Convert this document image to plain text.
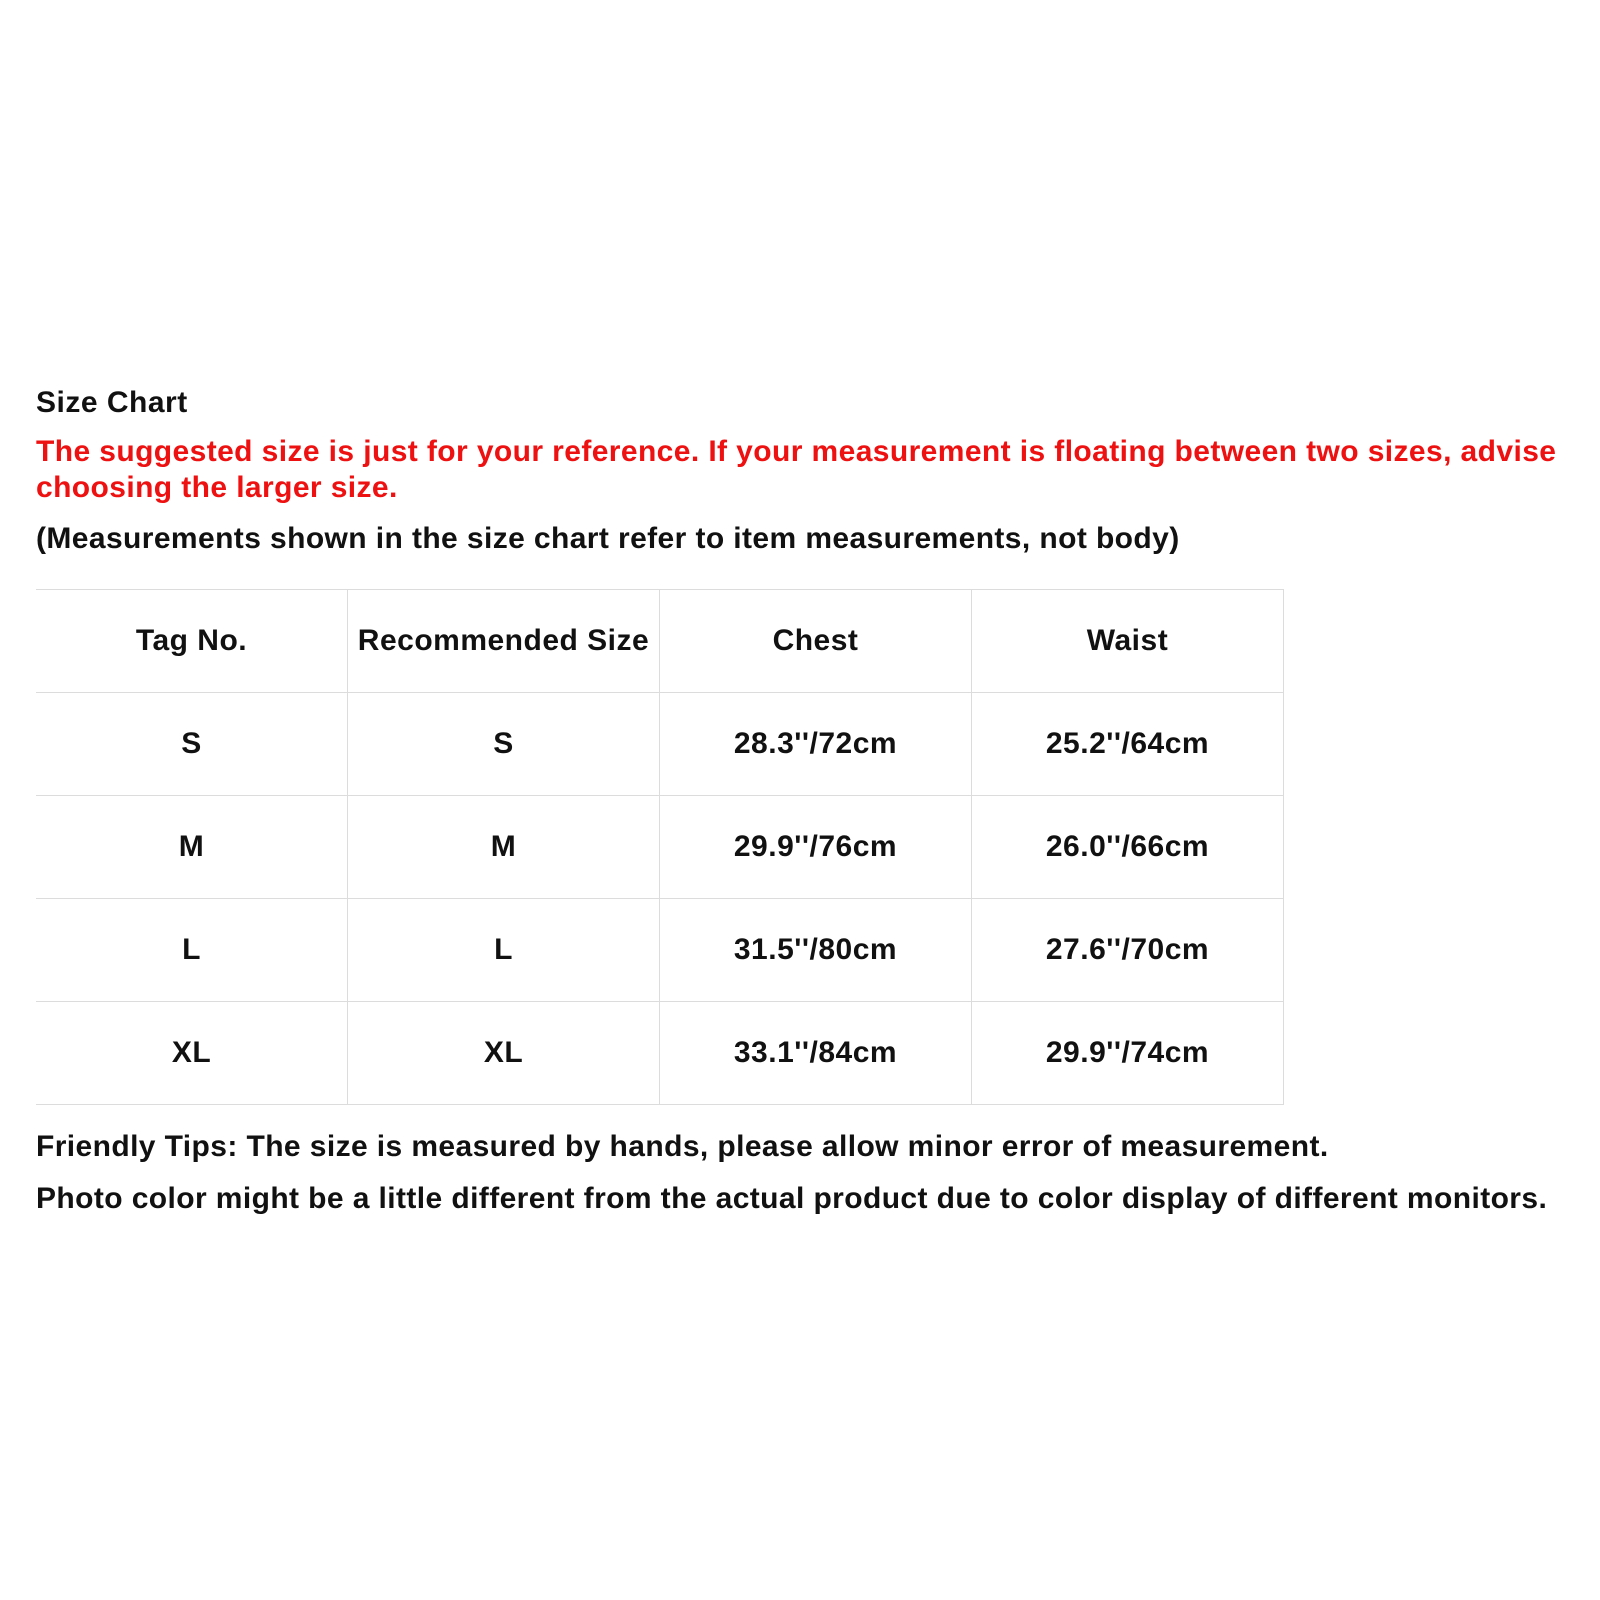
Size Chart
The suggested size is just for your reference. If your measurement is floating between two sizes, advise choosing the larger size.
(Measurements shown in the size chart refer to item measurements, not body)
Tag No.	Recommended Size	Chest	Waist
S	S	28.3''/72cm	25.2''/64cm
M	M	29.9''/76cm	26.0''/66cm
L	L	31.5''/80cm	27.6''/70cm
XL	XL	33.1''/84cm	29.9''/74cm
Friendly Tips: The size is measured by hands, please allow minor error of measurement.
Photo color might be a little different from the actual product due to color display of different monitors.
